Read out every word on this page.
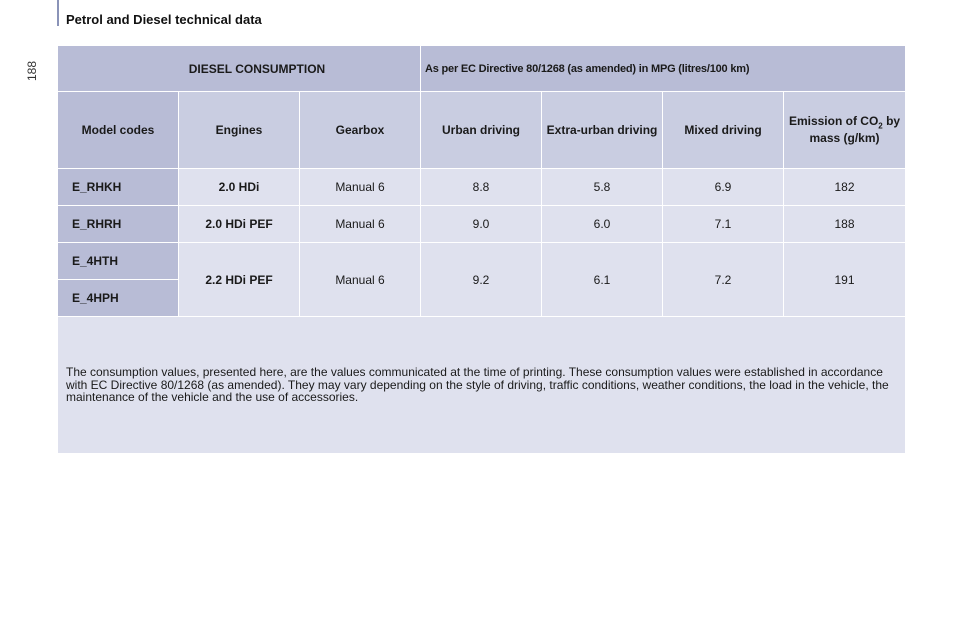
188
Petrol and Diesel technical data
DIESEL CONSUMPTION			As per EC Directive 80/1268 (as amended) in MPG (litres/100 km)			
Model codes	Engines	Gearbox	Urban driving	Extra-urban driving	Mixed driving	Emission of $CO_2$ by mass (g/km)
E_RHKH	2.0 HDi	Manual 6	8.8	5.8	6.9	182
E_RHRH	2.0 HDi PEF	Manual 6	9.0	6.0	7.1	188
E_4HTH	2.2 HDi PEF	Manual 6	9.2	6.1	7.2	191
E_4HPH						
The consumption values, presented here, are the values communicated at the time of printing. These consumption values were established in accordance with EC Directive 80/1268 (as amended). They may vary depending on the style of driving, traffic conditions, weather conditions, the load in the vehicle, the maintenance of the vehicle and the use of accessories.						
